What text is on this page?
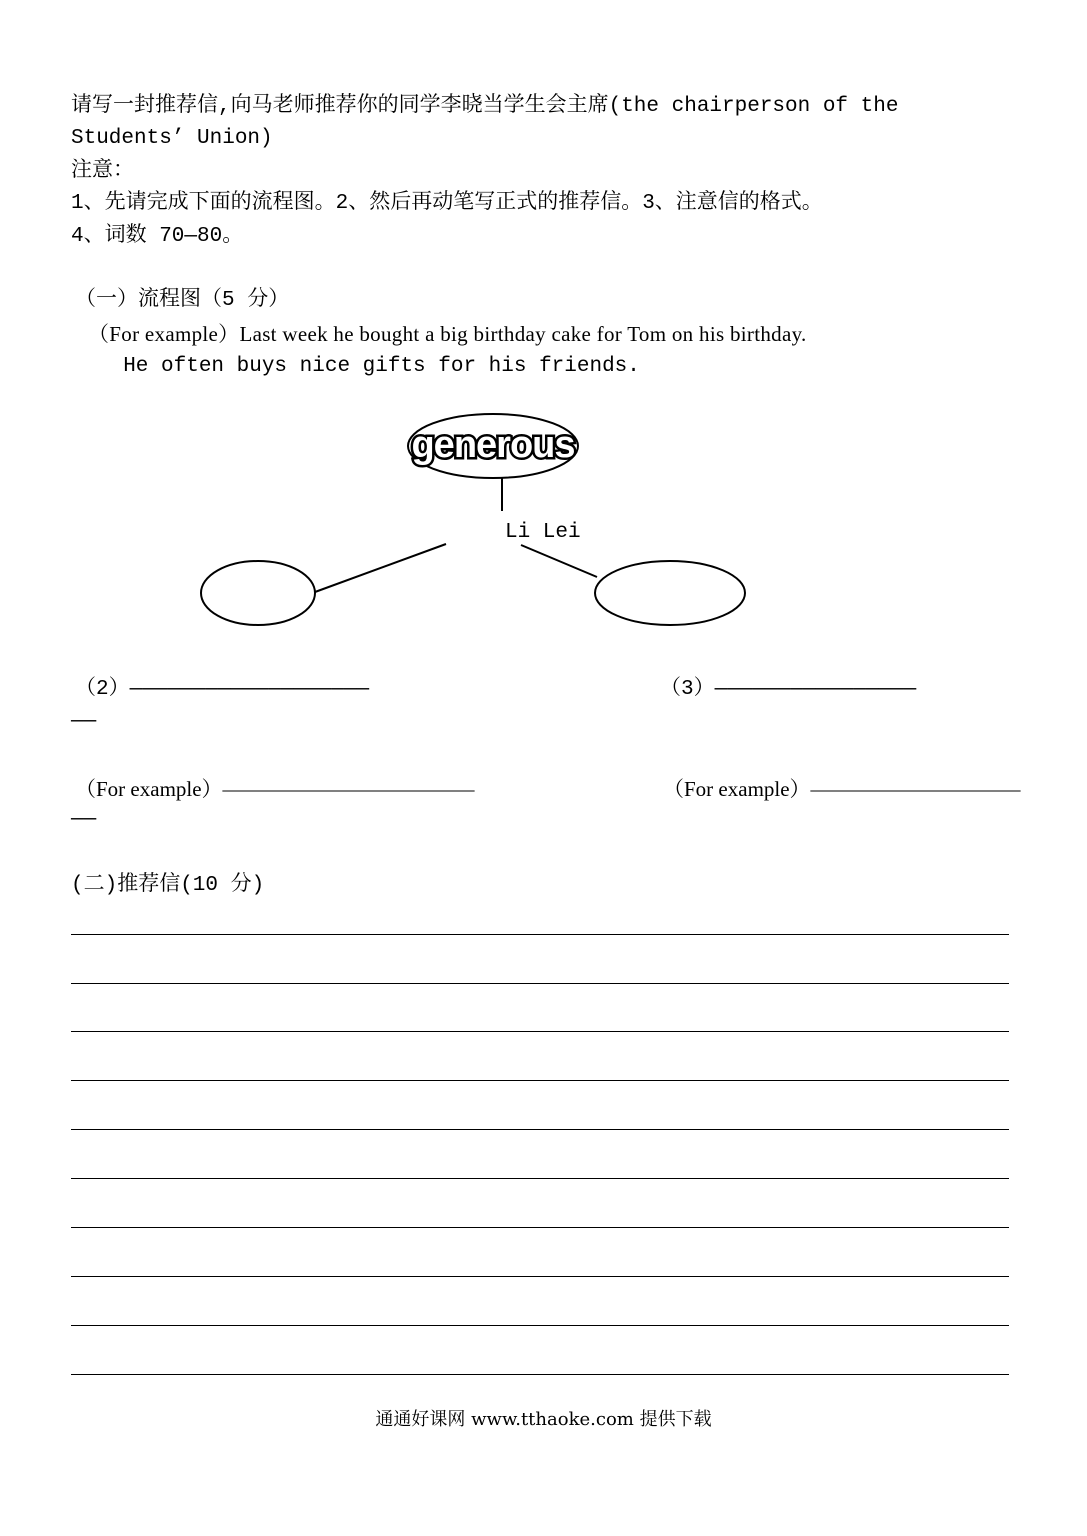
请写一封推荐信,向马老师推荐你的同学李晓当学生会主席(the chairperson of the
Students’ Union)
注意：
1、先请完成下面的流程图。2、然后再动笔写正式的推荐信。3、注意信的格式。
4、词数 70—80。
（一）流程图（5 分）
（For example）Last week he bought a big birthday cake for Tom on his birthday.
He often buys nice gifts for his friends.
generous
Li Lei
（2）———————————————————	（3）————————————————
——
（For example）————————————	（For example）——————————
——
(二)推荐信(10 分)
通通好课网 www.tthaoke.com 提供下载
